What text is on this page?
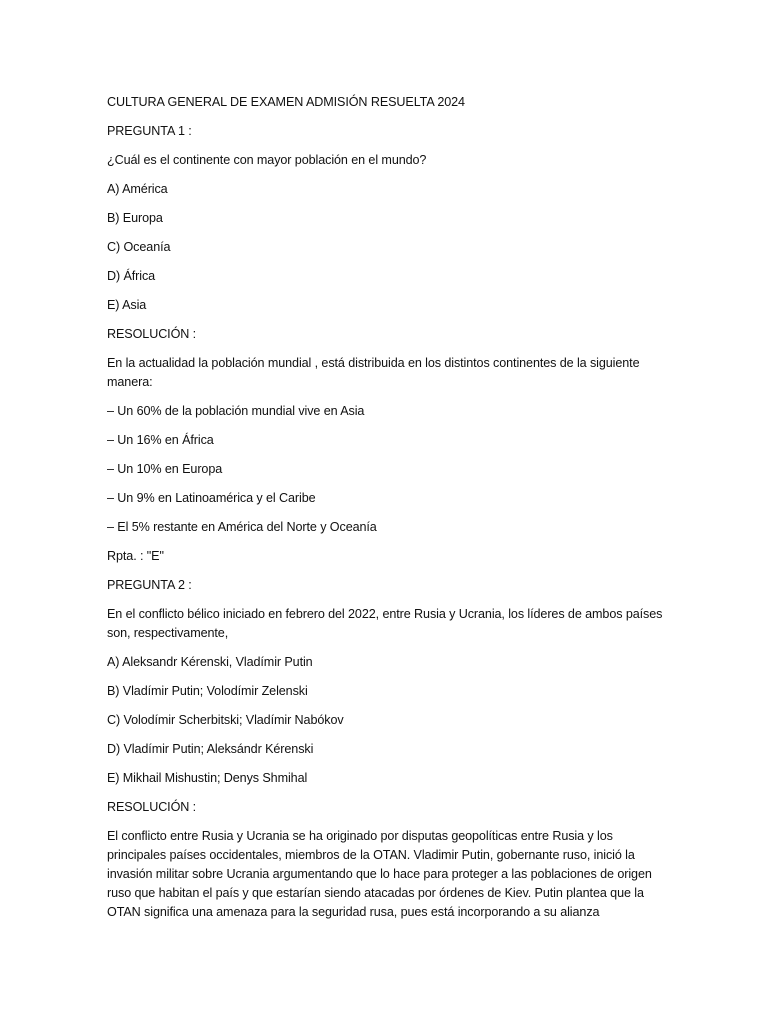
CULTURA GENERAL DE EXAMEN ADMISIÓN RESUELTA 2024

PREGUNTA 1 :

¿Cuál es el continente con mayor población en el mundo?

A) América

B) Europa

C) Oceanía

D) África

E) Asia

RESOLUCIÓN :

En la actualidad la población mundial , está distribuida en los distintos continentes de la siguiente manera:

– Un 60% de la población mundial vive en Asia

– Un 16% en África

– Un 10% en Europa

– Un 9% en Latinoamérica y el Caribe

– El 5% restante en América del Norte y Oceanía

Rpta. : "E"

PREGUNTA 2 :

En el conflicto bélico iniciado en febrero del 2022, entre Rusia y Ucrania, los líderes de ambos países son, respectivamente,

A) Aleksandr Kérenski, Vladímir Putin

B) Vladímir Putin; Volodímir Zelenski

C) Volodímir Scherbitski; Vladímir Nabókov

D) Vladímir Putin; Aleksándr Kérenski

E) Mikhail Mishustin; Denys Shmihal

RESOLUCIÓN :

El conflicto entre Rusia y Ucrania se ha originado por disputas geopolíticas entre Rusia y los principales países occidentales, miembros de la OTAN. Vladimir Putin, gobernante ruso, inició la invasión militar sobre Ucrania argumentando que lo hace para proteger a las poblaciones de origen ruso que habitan el país y que estarían siendo atacadas por órdenes de Kiev. Putin plantea que la OTAN significa una amenaza para la seguridad rusa, pues está incorporando a su alianza
